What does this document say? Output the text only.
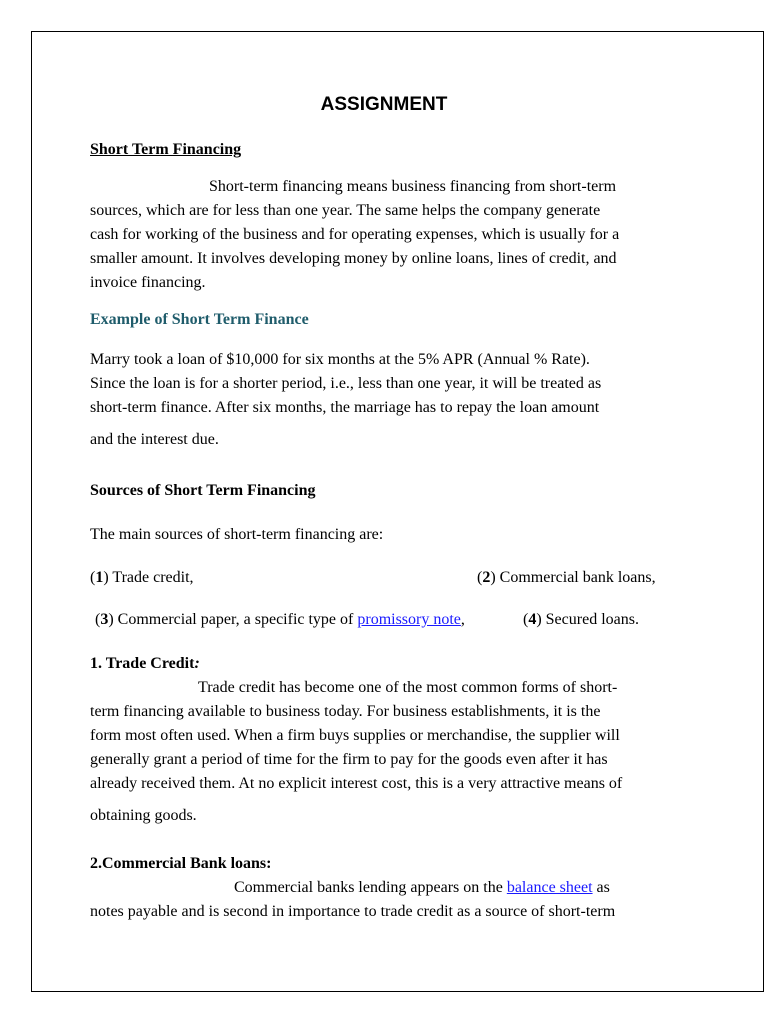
ASSIGNMENT
Short Term Financing
Short-term financing means business financing from short-term
sources, which are for less than one year. The same helps the company generate
cash for working of the business and for operating expenses, which is usually for a
smaller amount. It involves developing money by online loans, lines of credit, and
invoice financing.
Example of Short Term Finance
Marry took a loan of $10,000 for six months at the 5% APR (Annual % Rate).
Since the loan is for a shorter period, i.e., less than one year, it will be treated as
short-term finance. After six months, the marriage has to repay the loan amount
and the interest due.
Sources of Short Term Financing
The main sources of short-term financing are:
(1) Trade credit,	(2) Commercial bank loans,
(3) Commercial paper, a specific type of promissory note,	(4) Secured loans.
1. Trade Credit:
Trade credit has become one of the most common forms of short-
term financing available to business today. For business establishments, it is the
form most often used. When a firm buys supplies or merchandise, the supplier will
generally grant a period of time for the firm to pay for the goods even after it has
already received them. At no explicit interest cost, this is a very attractive means of
obtaining goods.
2.Commercial Bank loans:
Commercial banks lending appears on the balance sheet as
notes payable and is second in importance to trade credit as a source of short-term
